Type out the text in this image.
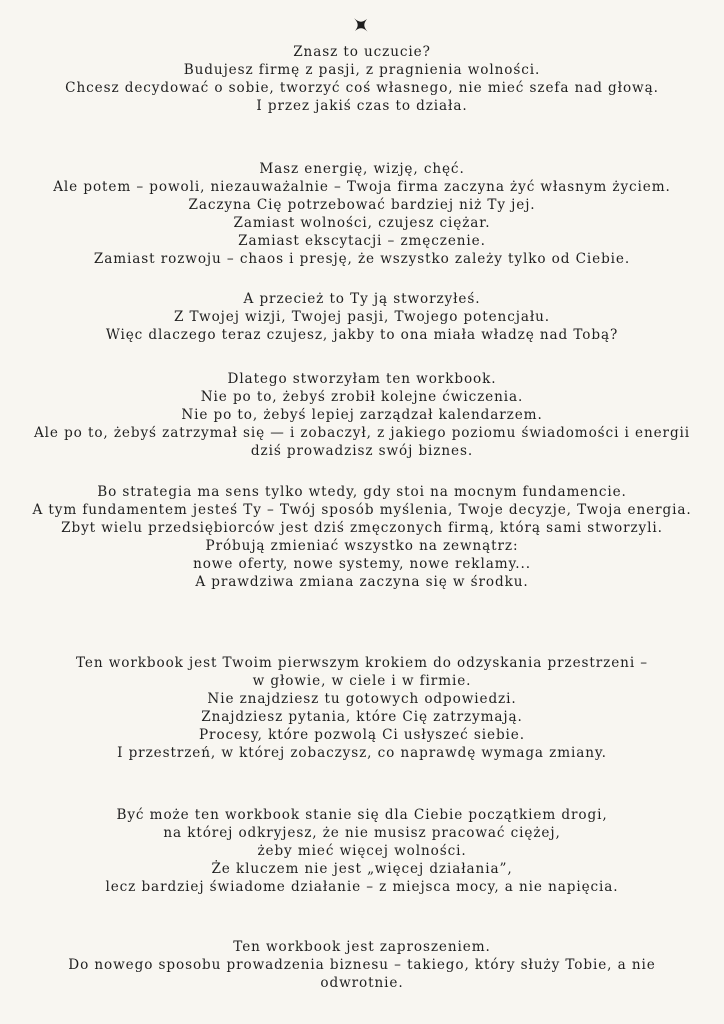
Znasz to uczucie?
Budujesz firmę z pasji, z pragnienia wolności.
Chcesz decydować o sobie, tworzyć coś własnego, nie mieć szefa nad głową.
I przez jakiś czas to działa.
Masz energię, wizję, chęć.
Ale potem – powoli, niezauważalnie – Twoja firma zaczyna żyć własnym życiem. Zaczyna Cię potrzebować bardziej niż Ty jej.
Zamiast wolności, czujesz ciężar.
Zamiast ekscytacji – zmęczenie.
Zamiast rozwoju – chaos i presję, że wszystko zależy tylko od Ciebie.
A przecież to Ty ją stworzyłeś.
Z Twojej wizji, Twojej pasji, Twojego potencjału.
Więc dlaczego teraz czujesz, jakby to ona miała władzę nad Tobą?
Dlatego stworzyłam ten workbook.
Nie po to, żebyś zrobił kolejne ćwiczenia.
Nie po to, żebyś lepiej zarządzał kalendarzem.
Ale po to, żebyś zatrzymał się — i zobaczył, z jakiego poziomu świadomości i energii dziś prowadzisz swój biznes.
Bo strategia ma sens tylko wtedy, gdy stoi na mocnym fundamencie.
A tym fundamentem jesteś Ty – Twój sposób myślenia, Twoje decyzje, Twoja energia.
Zbyt wielu przedsiębiorców jest dziś zmęczonych firmą, którą sami stworzyli.
Próbują zmieniać wszystko na zewnątrz:
nowe oferty, nowe systemy, nowe reklamy...
A prawdziwa zmiana zaczyna się w środku.
Ten workbook jest Twoim pierwszym krokiem do odzyskania przestrzeni –
w głowie, w ciele i w firmie.
Nie znajdziesz tu gotowych odpowiedzi.
Znajdziesz pytania, które Cię zatrzymają.
Procesy, które pozwolą Ci usłyszeć siebie.
I przestrzeń, w której zobaczysz, co naprawdę wymaga zmiany.
Być może ten workbook stanie się dla Ciebie początkiem drogi,
na której odkryjesz, że nie musisz pracować ciężej,
żeby mieć więcej wolności.
Że kluczem nie jest „więcej działania”,
lecz bardziej świadome działanie – z miejsca mocy, a nie napięcia.
Ten workbook jest zaproszeniem.
Do nowego sposobu prowadzenia biznesu – takiego, który służy Tobie, a nie odwrotnie.
